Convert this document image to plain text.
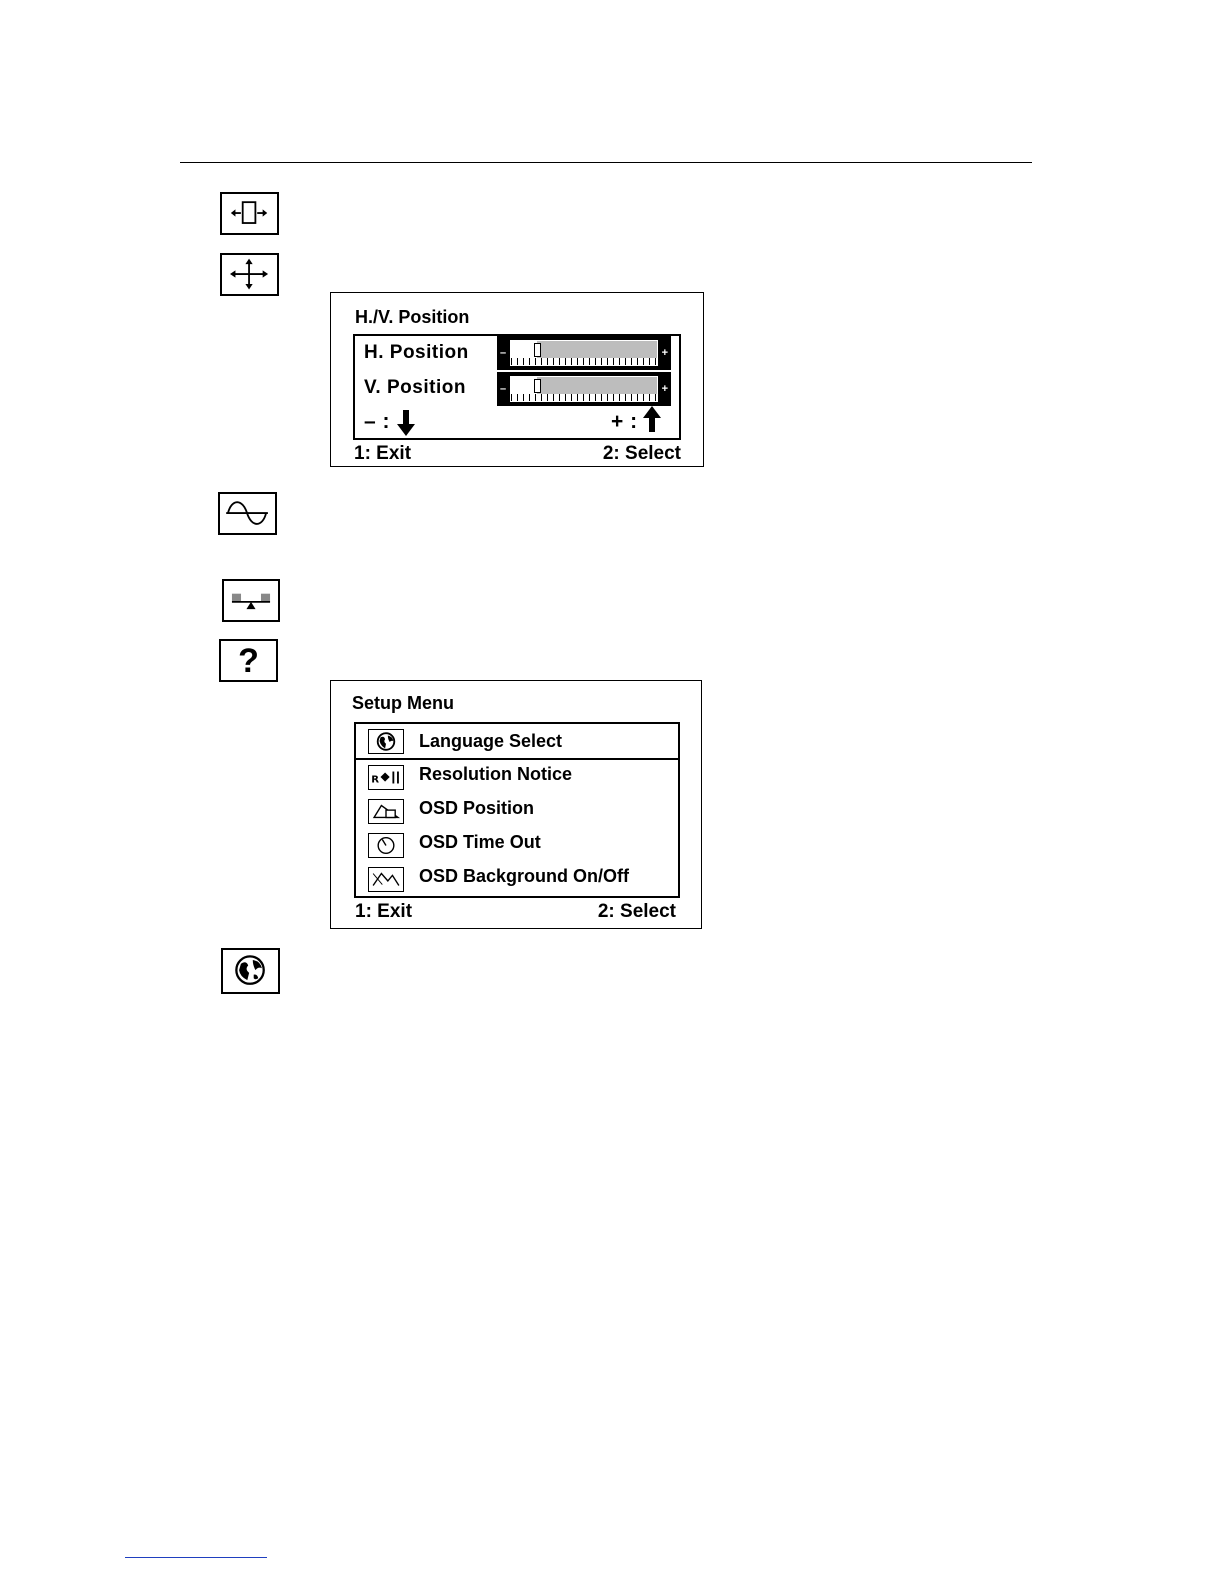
H./V. Position
H. Position	–	+
V. Position	–	+
– :	+ :
1: Exit	2: Select
?
Setup Menu
Language Select
R Resolution Notice
OSD Position
OSD Time Out
OSD Background On/Off
1: Exit	2: Select
